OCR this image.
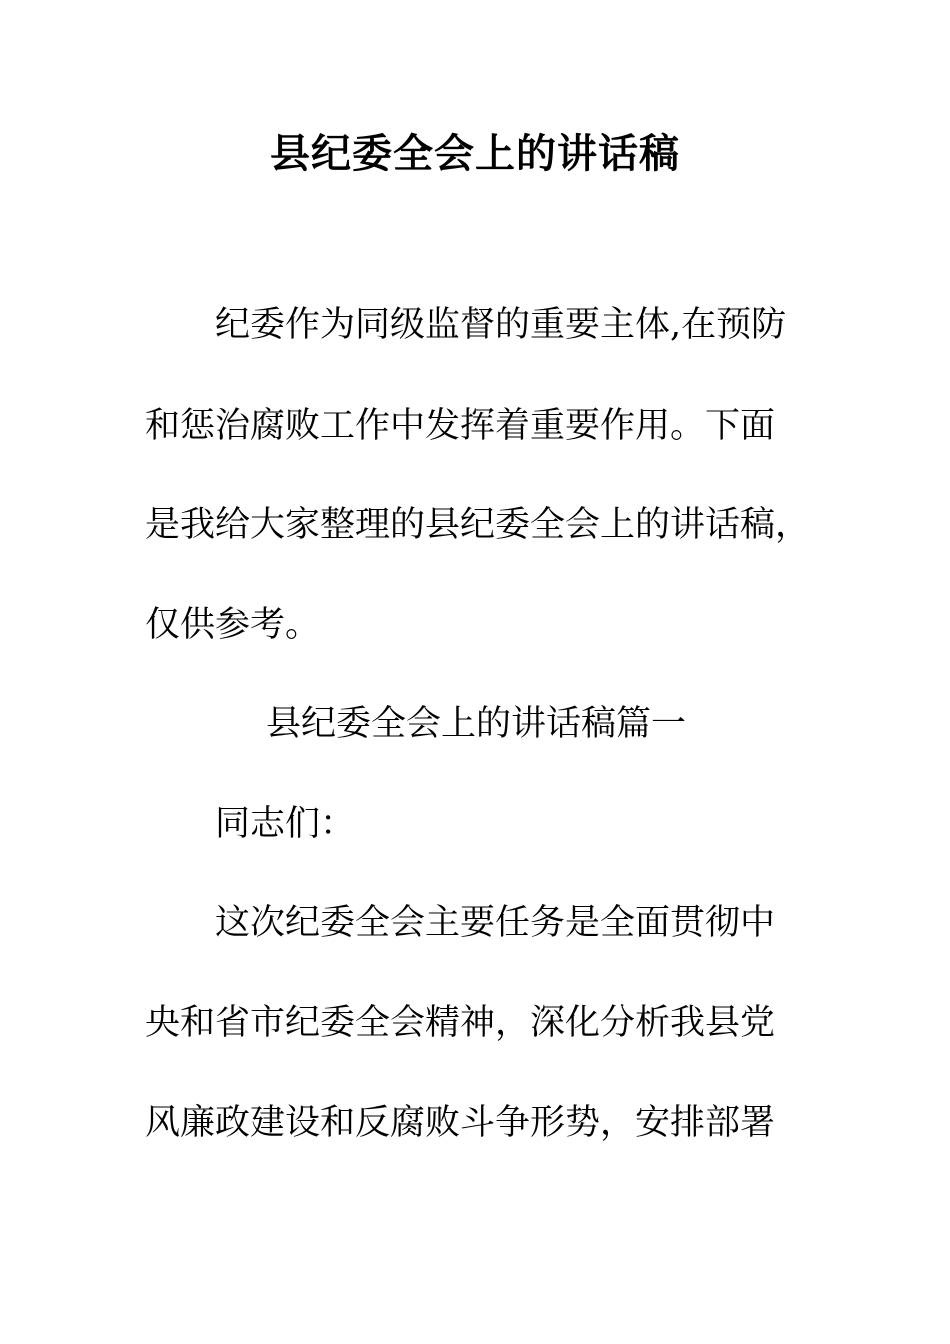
县纪委全会上的讲话稿
纪委作为同级监督的重要主体,在预防
和惩治腐败工作中发挥着重要作用。下面
是我给大家整理的县纪委全会上的讲话稿，
仅供参考。
县纪委全会上的讲话稿篇一
同志们：
这次纪委全会主要任务是全面贯彻中
央和省市纪委全会精神，深化分析我县党
风廉政建设和反腐败斗争形势，安排部署
